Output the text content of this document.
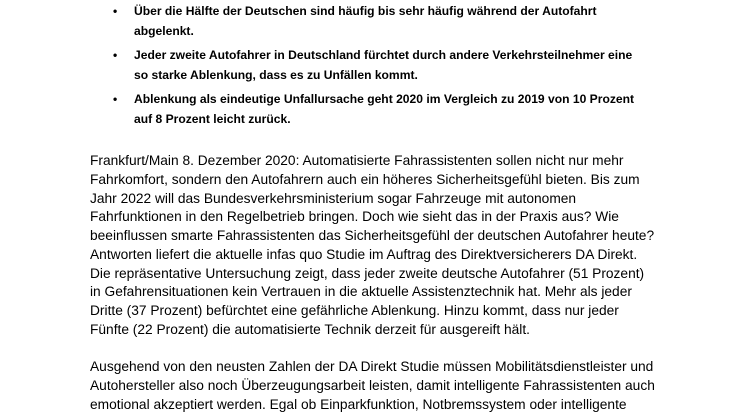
• Über die Hälfte der Deutschen sind häufig bis sehr häufig während der Autofahrt
abgelenkt.
• Jeder zweite Autofahrer in Deutschland fürchtet durch andere Verkehrsteilnehmer eine
so starke Ablenkung, dass es zu Unfällen kommt.
• Ablenkung als eindeutige Unfallursache geht 2020 im Vergleich zu 2019 von 10 Prozent
auf 8 Prozent leicht zurück.
Frankfurt/Main 8. Dezember 2020: Automatisierte Fahrassistenten sollen nicht nur mehr
Fahrkomfort, sondern den Autofahrern auch ein höheres Sicherheitsgefühl bieten. Bis zum
Jahr 2022 will das Bundesverkehrsministerium sogar Fahrzeuge mit autonomen
Fahrfunktionen in den Regelbetrieb bringen. Doch wie sieht das in der Praxis aus? Wie
beeinflussen smarte Fahrassistenten das Sicherheitsgefühl der deutschen Autofahrer heute?
Antworten liefert die aktuelle infas quo Studie im Auftrag des Direktversicherers DA Direkt.
Die repräsentative Untersuchung zeigt, dass jeder zweite deutsche Autofahrer (51 Prozent)
in Gefahrensituationen kein Vertrauen in die aktuelle Assistenztechnik hat. Mehr als jeder
Dritte (37 Prozent) befürchtet eine gefährliche Ablenkung. Hinzu kommt, dass nur jeder
Fünfte (22 Prozent) die automatisierte Technik derzeit für ausgereift hält.
Ausgehend von den neusten Zahlen der DA Direkt Studie müssen Mobilitätsdienstleister und
Autohersteller also noch Überzeugungsarbeit leisten, damit intelligente Fahrassistenten auch
emotional akzeptiert werden. Egal ob Einparkfunktion, Notbremssystem oder intelligente
